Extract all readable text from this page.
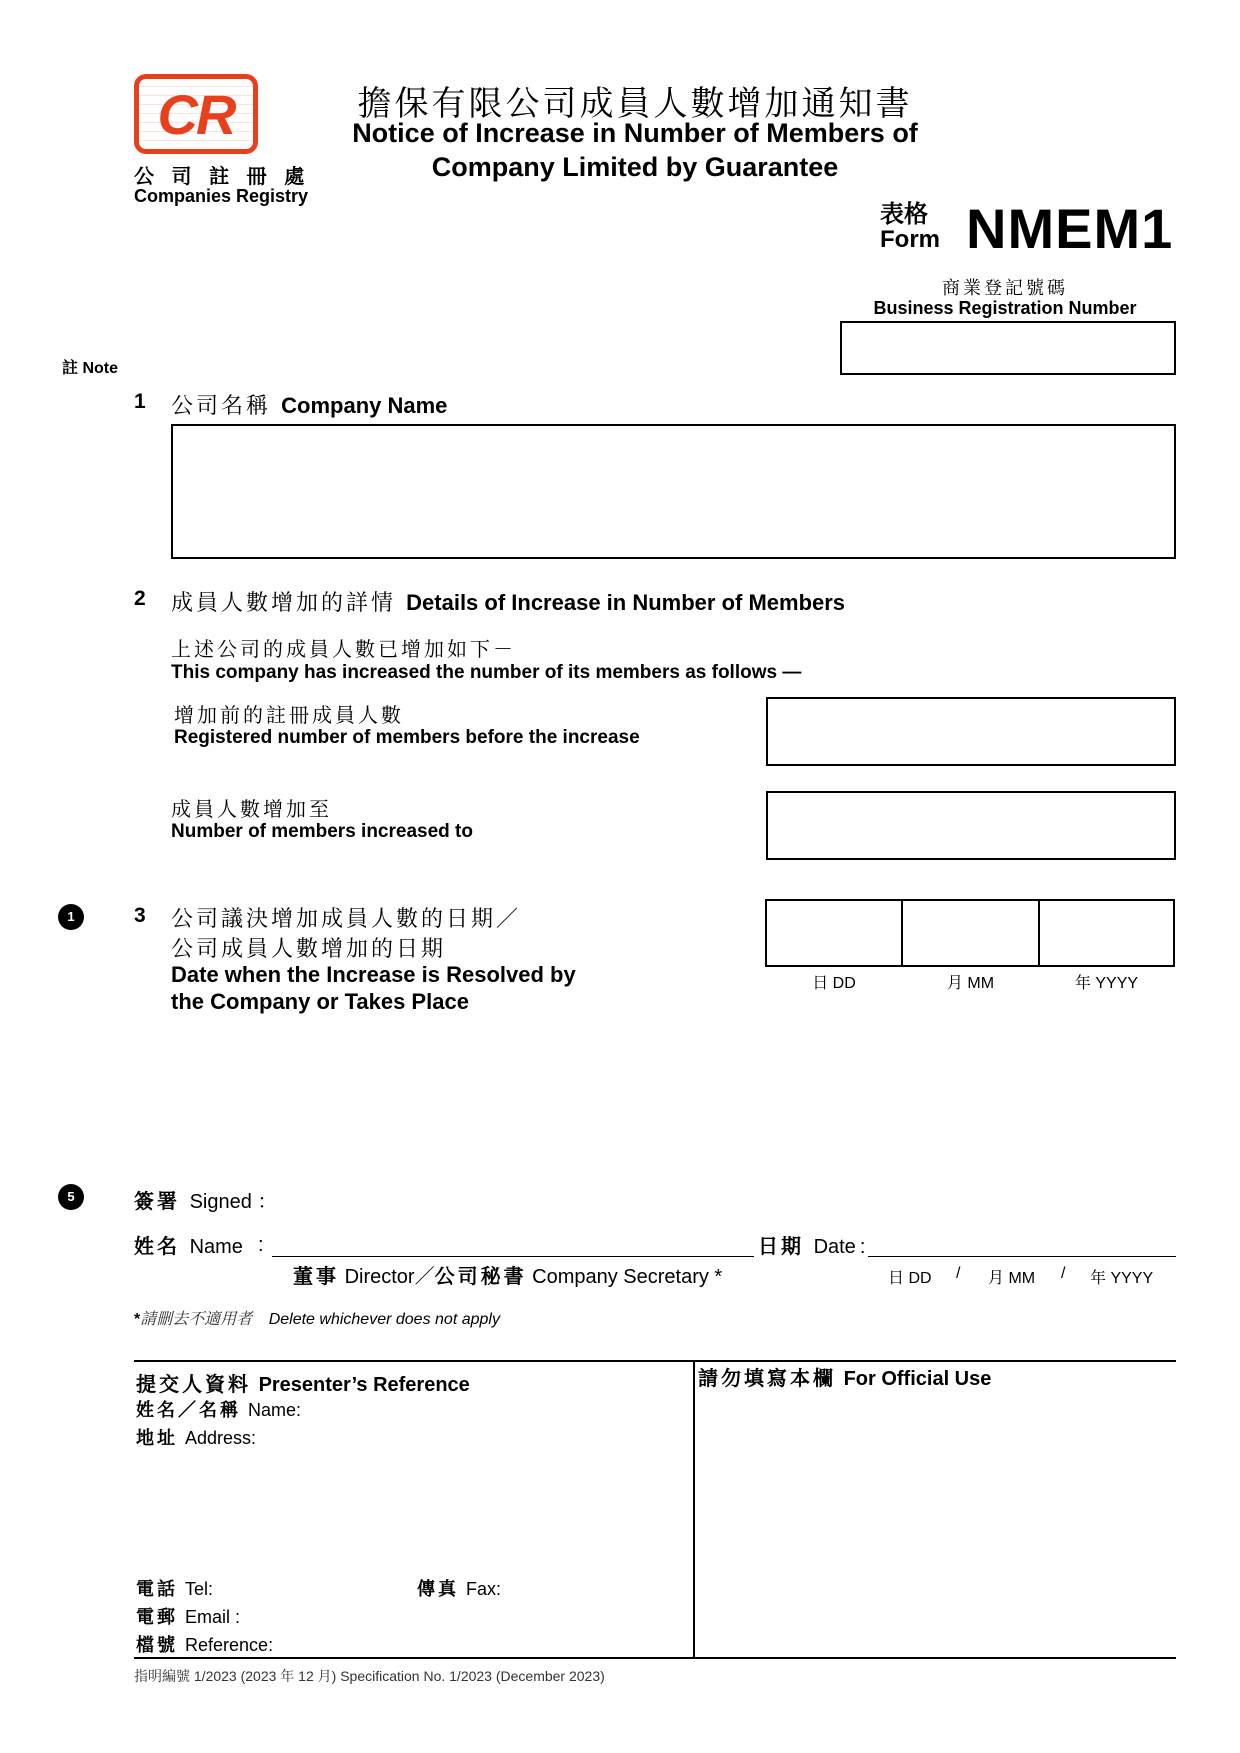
CR
公 司 註 冊 處
Companies Registry
擔保有限公司成員人數增加通知書
Notice of Increase in Number of Members of
Company Limited by Guarantee
表格
Form NMEM1
商業登記號碼
Business Registration Number
註 Note
1 公司名稱 Company Name
2 成員人數增加的詳情 Details of Increase in Number of Members
上述公司的成員人數已增加如下－
This company has increased the number of its members as follows —
增加前的註冊成員人數
Registered number of members before the increase
成員人數增加至
Number of members increased to
1	3 公司議決增加成員人數的日期／
公司成員人數增加的日期
Date when the Increase is Resolved by
the Company or Takes Place
日 DD	月 MM	年 YYYY
5	簽署 Signed ：
姓名 Name :
董事 Director／公司秘書 Company Secretary *
日期 Date :
日 DD / 月 MM / 年 YYYY
*請刪去不適用者 Delete whichever does not apply
提交人資料 Presenter’s Reference
姓名／名稱 Name:
地址 Address:
電話 Tel:	傳真 Fax:
電郵 Email :
檔號 Reference:
請勿填寫本欄 For Official Use
指明編號 1/2023 (2023 年 12 月) Specification No. 1/2023 (December 2023)
